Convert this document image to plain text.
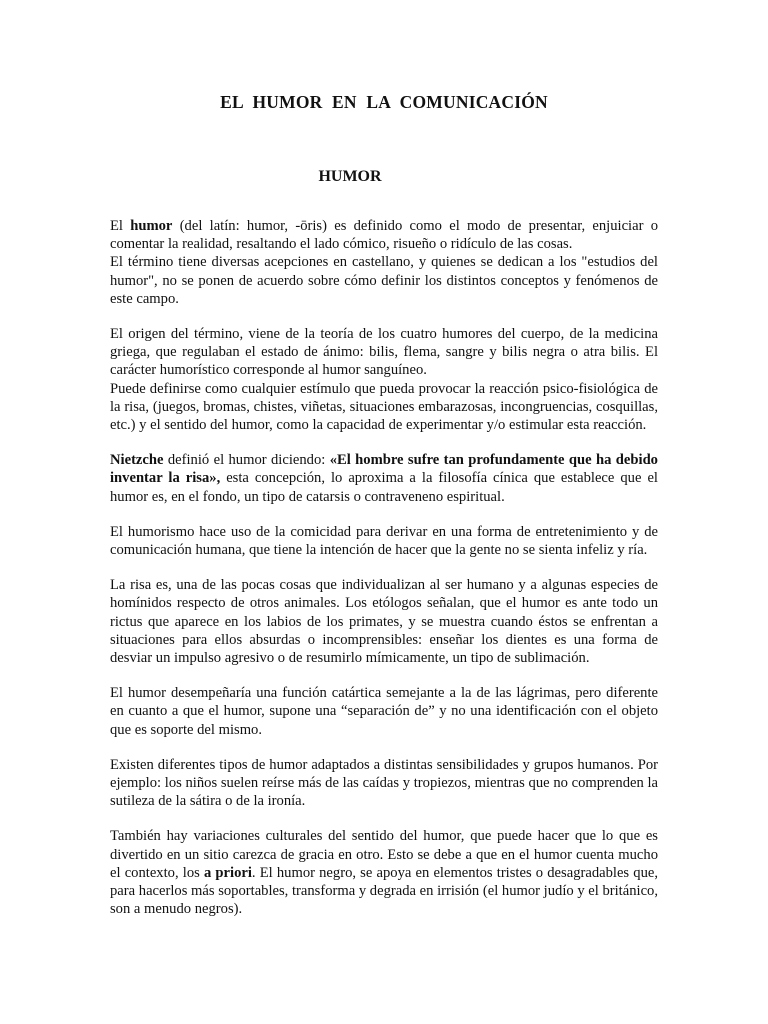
EL HUMOR EN LA COMUNICACIÓN
HUMOR

El humor (del latín: humor, -ōris) es definido como el modo de presentar, enjuiciar o comentar la realidad, resaltando el lado cómico, risueño o ridículo de las cosas.

El término tiene diversas acepciones en castellano, y quienes se dedican a los "estudios del humor", no se ponen de acuerdo sobre cómo definir los distintos conceptos y fenómenos de este campo.

El origen del término, viene de la teoría de los cuatro humores del cuerpo, de la medicina griega, que regulaban el estado de ánimo: bilis, flema, sangre y bilis negra o atra bilis. El carácter humorístico corresponde al humor sanguíneo.

Puede definirse como cualquier estímulo que pueda provocar la reacción psico-fisiológica de la risa, (juegos, bromas, chistes, viñetas, situaciones embarazosas, incongruencias, cosquillas, etc.) y el sentido del humor, como la capacidad de experimentar y/o estimular esta reacción.

Nietzche definió el humor diciendo: «El hombre sufre tan profundamente que ha debido inventar la risa», esta concepción, lo aproxima a la filosofía cínica que establece que el humor es, en el fondo, un tipo de catarsis o contraveneno espiritual.

El humorismo hace uso de la comicidad para derivar en una forma de entretenimiento y de comunicación humana, que tiene la intención de hacer que la gente no se sienta infeliz y ría.

La risa es, una de las pocas cosas que individualizan al ser humano y a algunas especies de homínidos respecto de otros animales. Los etólogos señalan, que el humor es ante todo un rictus que aparece en los labios de los primates, y se muestra cuando éstos se enfrentan a situaciones para ellos absurdas o incomprensibles: enseñar los dientes es una forma de desviar un impulso agresivo o de resumirlo mímicamente, un tipo de sublimación.

El humor desempeñaría una función catártica semejante a la de las lágrimas, pero diferente en cuanto a que el humor, supone una “separación de” y no una identificación con el objeto que es soporte del mismo.

Existen diferentes tipos de humor adaptados a distintas sensibilidades y grupos humanos. Por ejemplo: los niños suelen reírse más de las caídas y tropiezos, mientras que no comprenden la sutileza de la sátira o de la ironía.

También hay variaciones culturales del sentido del humor, que puede hacer que lo que es divertido en un sitio carezca de gracia en otro. Esto se debe a que en el humor cuenta mucho el contexto, los a priori. El humor negro, se apoya en elementos tristes o desagradables que, para hacerlos más soportables, transforma y degrada en irrisión (el humor judío y el británico, son a menudo negros).
